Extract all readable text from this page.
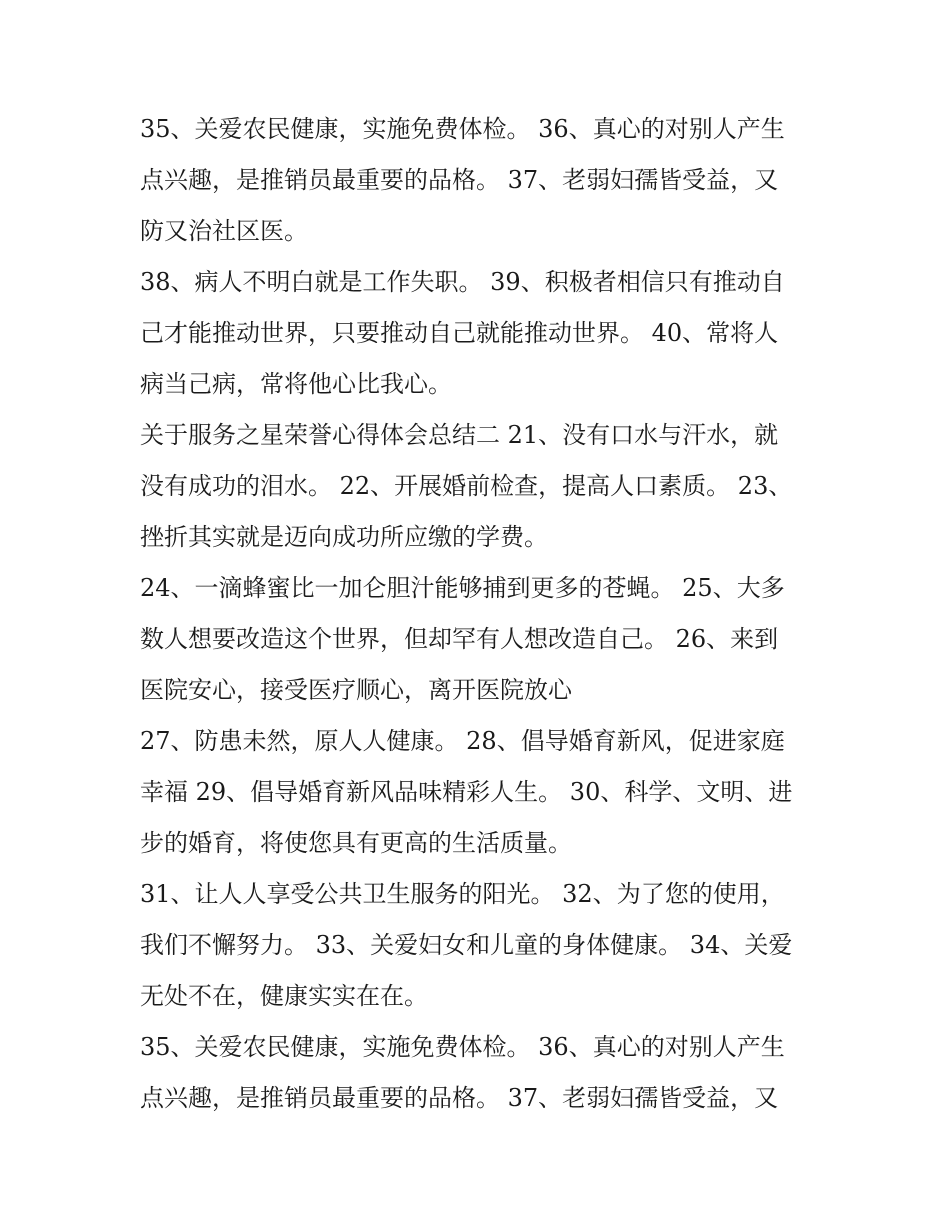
35、关爱农民健康，实施免费体检。 36、真心的对别人产生
点兴趣，是推销员最重要的品格。 37、老弱妇孺皆受益，又
防又治社区医。
38、病人不明白就是工作失职。 39、积极者相信只有推动自
己才能推动世界，只要推动自己就能推动世界。 40、常将人
病当己病，常将他心比我心。
关于服务之星荣誉心得体会总结二 21、没有口水与汗水，就
没有成功的泪水。 22、开展婚前检查，提高人口素质。 23、
挫折其实就是迈向成功所应缴的学费。
24、一滴蜂蜜比一加仑胆汁能够捕到更多的苍蝇。 25、大多
数人想要改造这个世界，但却罕有人想改造自己。 26、来到
医院安心，接受医疗顺心，离开医院放心
27、防患未然，原人人健康。 28、倡导婚育新风，促进家庭
幸福 29、倡导婚育新风品味精彩人生。 30、科学、文明、进
步的婚育，将使您具有更高的生活质量。
31、让人人享受公共卫生服务的阳光。 32、为了您的使用，
我们不懈努力。 33、关爱妇女和儿童的身体健康。 34、关爱
无处不在，健康实实在在。
35、关爱农民健康，实施免费体检。 36、真心的对别人产生
点兴趣，是推销员最重要的品格。 37、老弱妇孺皆受益，又
